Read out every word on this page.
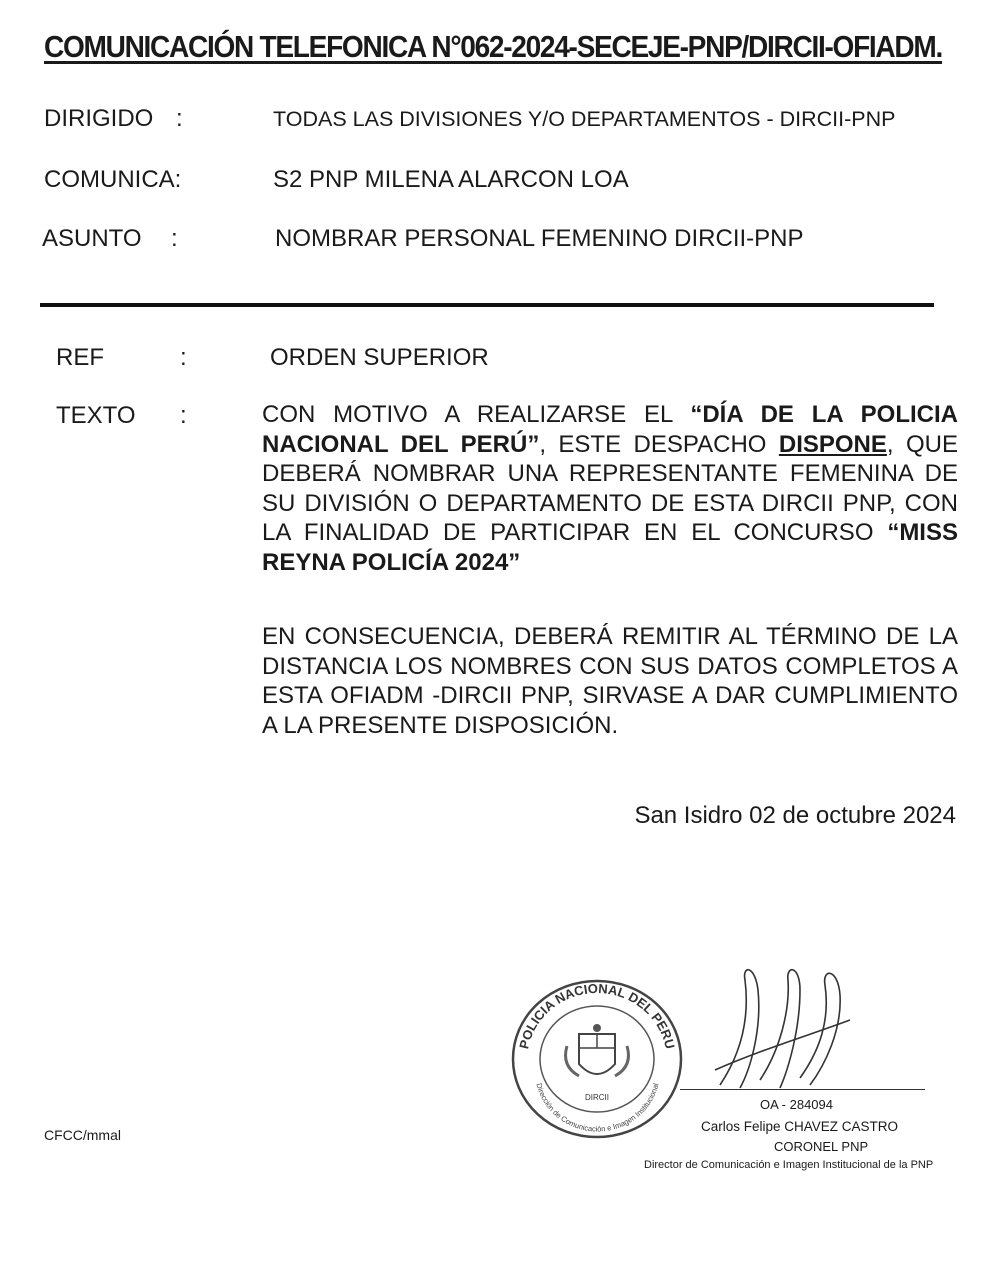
COMUNICACIÓN TELEFONICA N°062-2024-SECEJE-PNP/DIRCII-OFIADM.
DIRIGIDO :	TODAS LAS DIVISIONES Y/O DEPARTAMENTOS - DIRCII-PNP
COMUNICA:	S2 PNP MILENA ALARCON LOA
ASUNTO :	NOMBRAR PERSONAL FEMENINO DIRCII-PNP
REF	:	ORDEN SUPERIOR
TEXTO :	CON MOTIVO A REALIZARSE EL “DÍA DE LA POLICIA NACIONAL DEL PERÚ”, ESTE DESPACHO DISPONE, QUE DEBERÁ NOMBRAR UNA REPRESENTANTE FEMENINA DE SU DIVISIÓN O DEPARTAMENTO DE ESTA DIRCII PNP, CON LA FINALIDAD DE PARTICIPAR EN EL CONCURSO “MISS REYNA POLICÍA 2024”
EN CONSECUENCIA, DEBERÁ REMITIR AL TÉRMINO DE LA DISTANCIA LOS NOMBRES CON SUS DATOS COMPLETOS A ESTA OFIADM -DIRCII PNP, SIRVASE A DAR CUMPLIMIENTO A LA PRESENTE DISPOSICIÓN.
San Isidro 02 de octubre 2024
POLICIA NACIONAL DEL PERU
Dirección de Comunicación e Imagen Institucional
DIRCII	OA - 284094
Carlos Felipe CHAVEZ CASTRO
CORONEL PNP
Director de Comunicación e Imagen Institucional de la PNP
CFCC/mmal
